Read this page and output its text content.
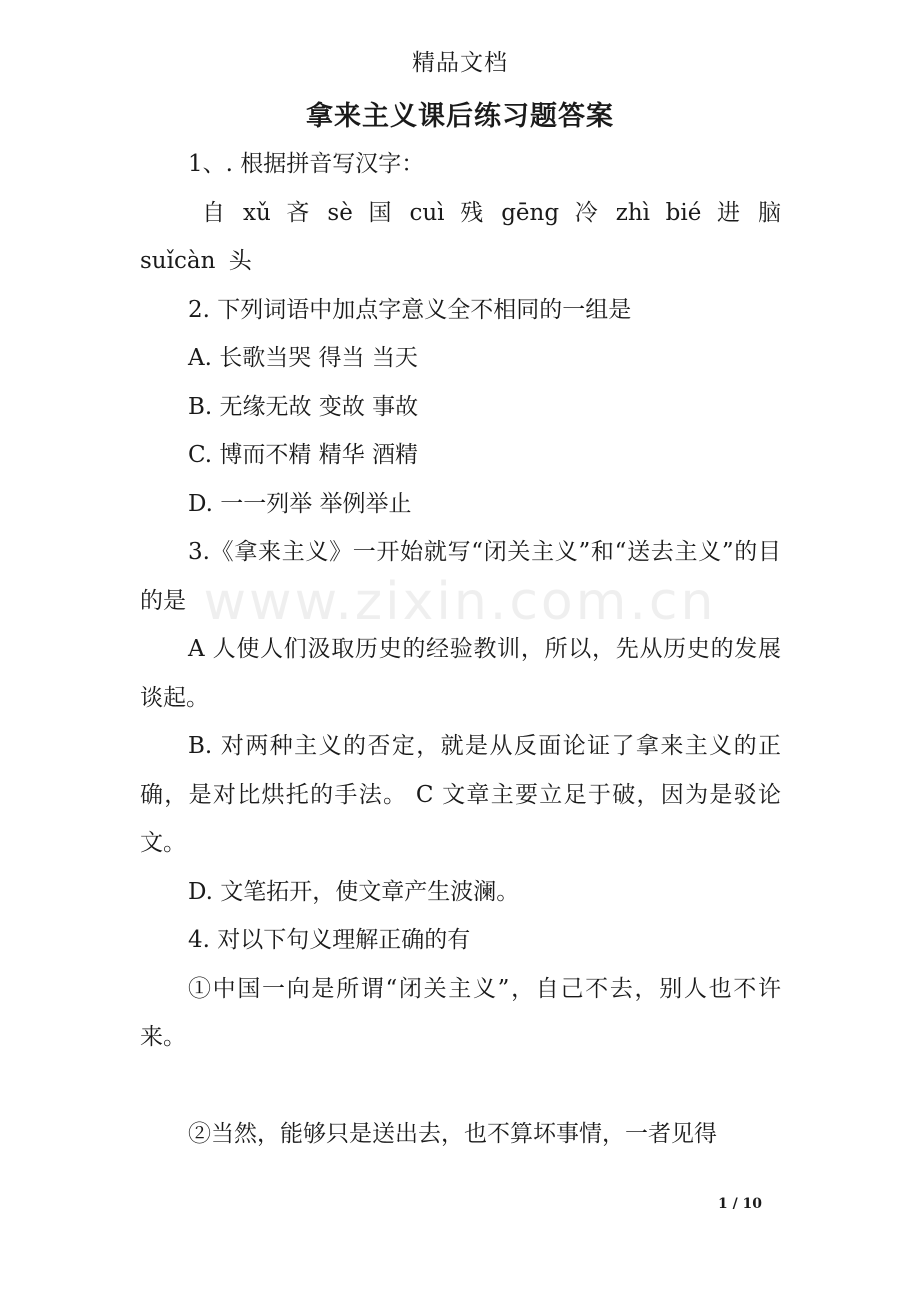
精品文档
拿来主义课后练习题答案
www.zixin.com.cn

1、. 根据拼音写汉字：

自 xǔ 吝 sè 国 cuì 残 gēng 冷 zhì bié 进 脑 suǐcàn 头

2. 下列词语中加点字意义全不相同的一组是

A. 长歌当哭 得当 当天

B. 无缘无故 变故 事故

C. 博而不精 精华 酒精

D. 一一列举 举例举止

3.《拿来主义》一开始就写“闭关主义”和“送去主义”的目的是

A 人使人们汲取历史的经验教训，所以，先从历史的发展谈起。

B. 对两种主义的否定，就是从反面论证了拿来主义的正确，是对比烘托的手法。 C 文章主要立足于破，因为是驳论文。

D. 文笔拓开，使文章产生波澜。

4. 对以下句义理解正确的有

①中国一向是所谓“闭关主义”，自己不去，别人也不许来。

②当然，能够只是送出去，也不算坏事情，一者见得

1 / 10
